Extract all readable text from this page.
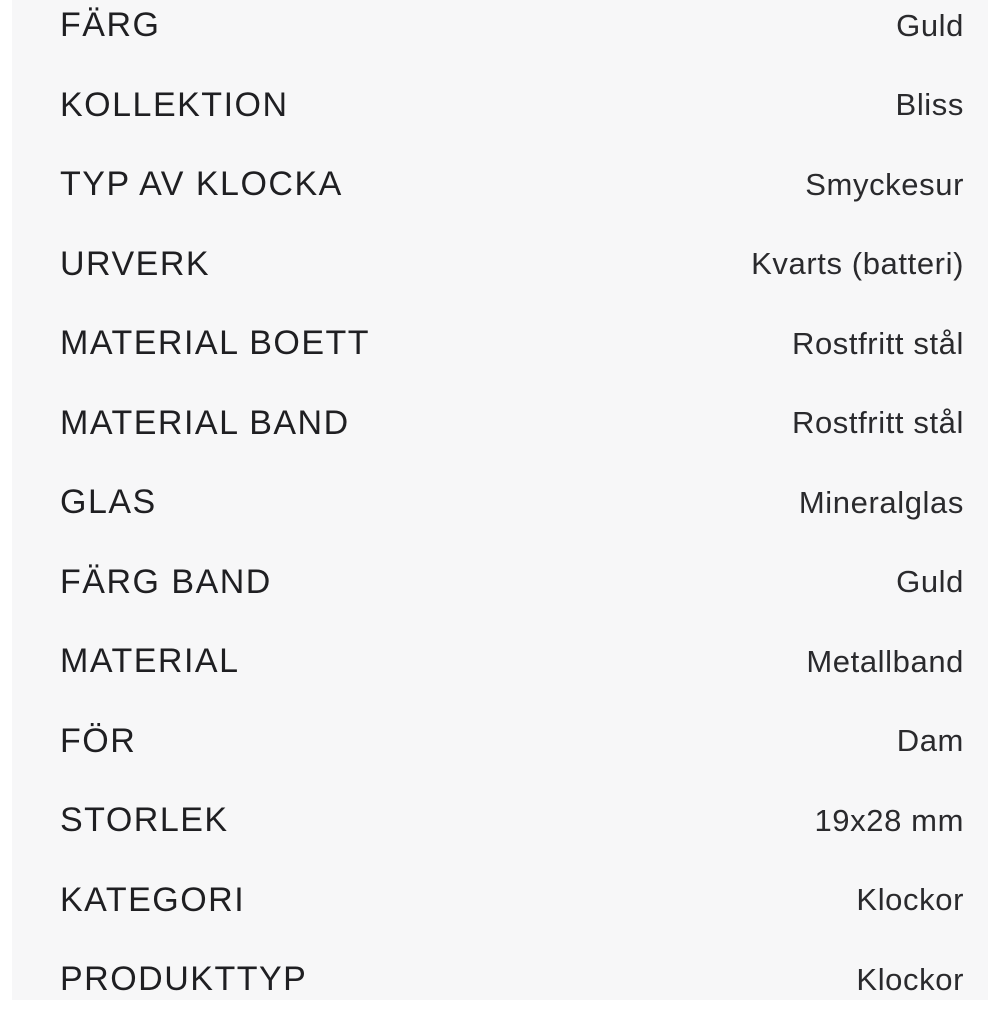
FÄRG	Guld
KOLLEKTION	Bliss
TYP AV KLOCKA	Smyckesur
URVERK	Kvarts (batteri)
MATERIAL BOETT	Rostfritt stål
MATERIAL BAND	Rostfritt stål
GLAS	Mineralglas
FÄRG BAND	Guld
MATERIAL	Metallband
FÖR	Dam
STORLEK	19x28 mm
KATEGORI	Klockor
PRODUKTTYP	Klockor
